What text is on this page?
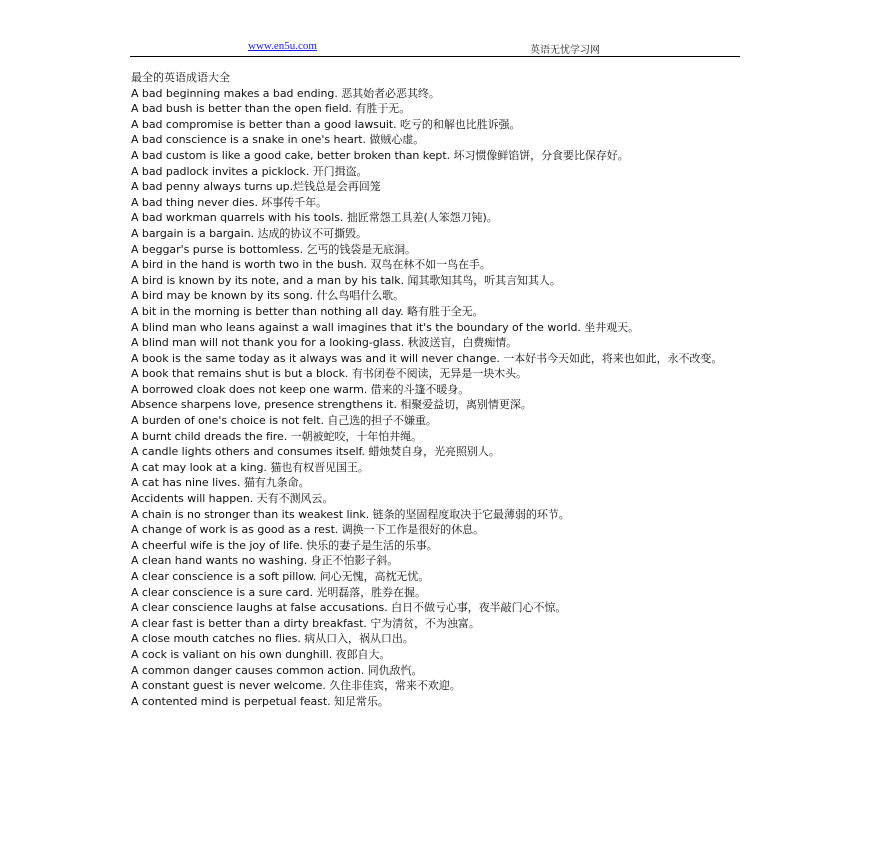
www.en5u.com	英语无忧学习网

最全的英语成语大全

A bad beginning makes a bad ending. 恶其始者必恶其终。

A bad bush is better than the open field. 有胜于无。

A bad compromise is better than a good lawsuit. 吃亏的和解也比胜诉强。

A bad conscience is a snake in one's heart. 做贼心虚。

A bad custom is like a good cake, better broken than kept. 坏习惯像鲜馅饼，分食要比保存好。

A bad padlock invites a picklock. 开门揖盗。

A bad penny always turns up.烂钱总是会再回笼

A bad thing never dies. 坏事传千年。

A bad workman quarrels with his tools. 拙匠常怨工具差(人笨怨刀钝)。

A bargain is a bargain. 达成的协议不可撕毁。

A beggar's purse is bottomless. 乞丐的钱袋是无底洞。

A bird in the hand is worth two in the bush. 双鸟在林不如一鸟在手。

A bird is known by its note, and a man by his talk. 闻其歌知其鸟，听其言知其人。

A bird may be known by its song. 什么鸟唱什么歌。

A bit in the morning is better than nothing all day. 略有胜于全无。

A blind man who leans against a wall imagines that it's the boundary of the world. 坐井观天。

A blind man will not thank you for a looking-glass. 秋波送盲，白费痴情。

A book is the same today as it always was and it will never change. 一本好书今天如此，将来也如此，永不改变。

A book that remains shut is but a block. 有书闭卷不阅读，无异是一块木头。

A borrowed cloak does not keep one warm. 借来的斗篷不暖身。

Absence sharpens love, presence strengthens it. 相聚爱益切，离别情更深。

A burden of one's choice is not felt. 自己选的担子不嫌重。

A burnt child dreads the fire. 一朝被蛇咬，十年怕井绳。

A candle lights others and consumes itself. 蜡烛焚自身，光亮照别人。

A cat may look at a king. 猫也有权晋见国王。

A cat has nine lives. 猫有九条命。

Accidents will happen. 天有不测风云。

A chain is no stronger than its weakest link. 链条的坚固程度取决于它最薄弱的环节。

A change of work is as good as a rest. 调换一下工作是很好的休息。

A cheerful wife is the joy of life. 快乐的妻子是生活的乐事。

A clean hand wants no washing. 身正不怕影子斜。

A clear conscience is a soft pillow. 问心无愧，高枕无忧。

A clear conscience is a sure card. 光明磊落，胜券在握。

A clear conscience laughs at false accusations. 白日不做亏心事，夜半敲门心不惊。

A clear fast is better than a dirty breakfast. 宁为清贫，不为浊富。

A close mouth catches no flies. 病从口入，祸从口出。

A cock is valiant on his own dunghill. 夜郎自大。

A common danger causes common action. 同仇敌忾。

A constant guest is never welcome. 久住非佳宾，常来不欢迎。

A contented mind is perpetual feast. 知足常乐。
